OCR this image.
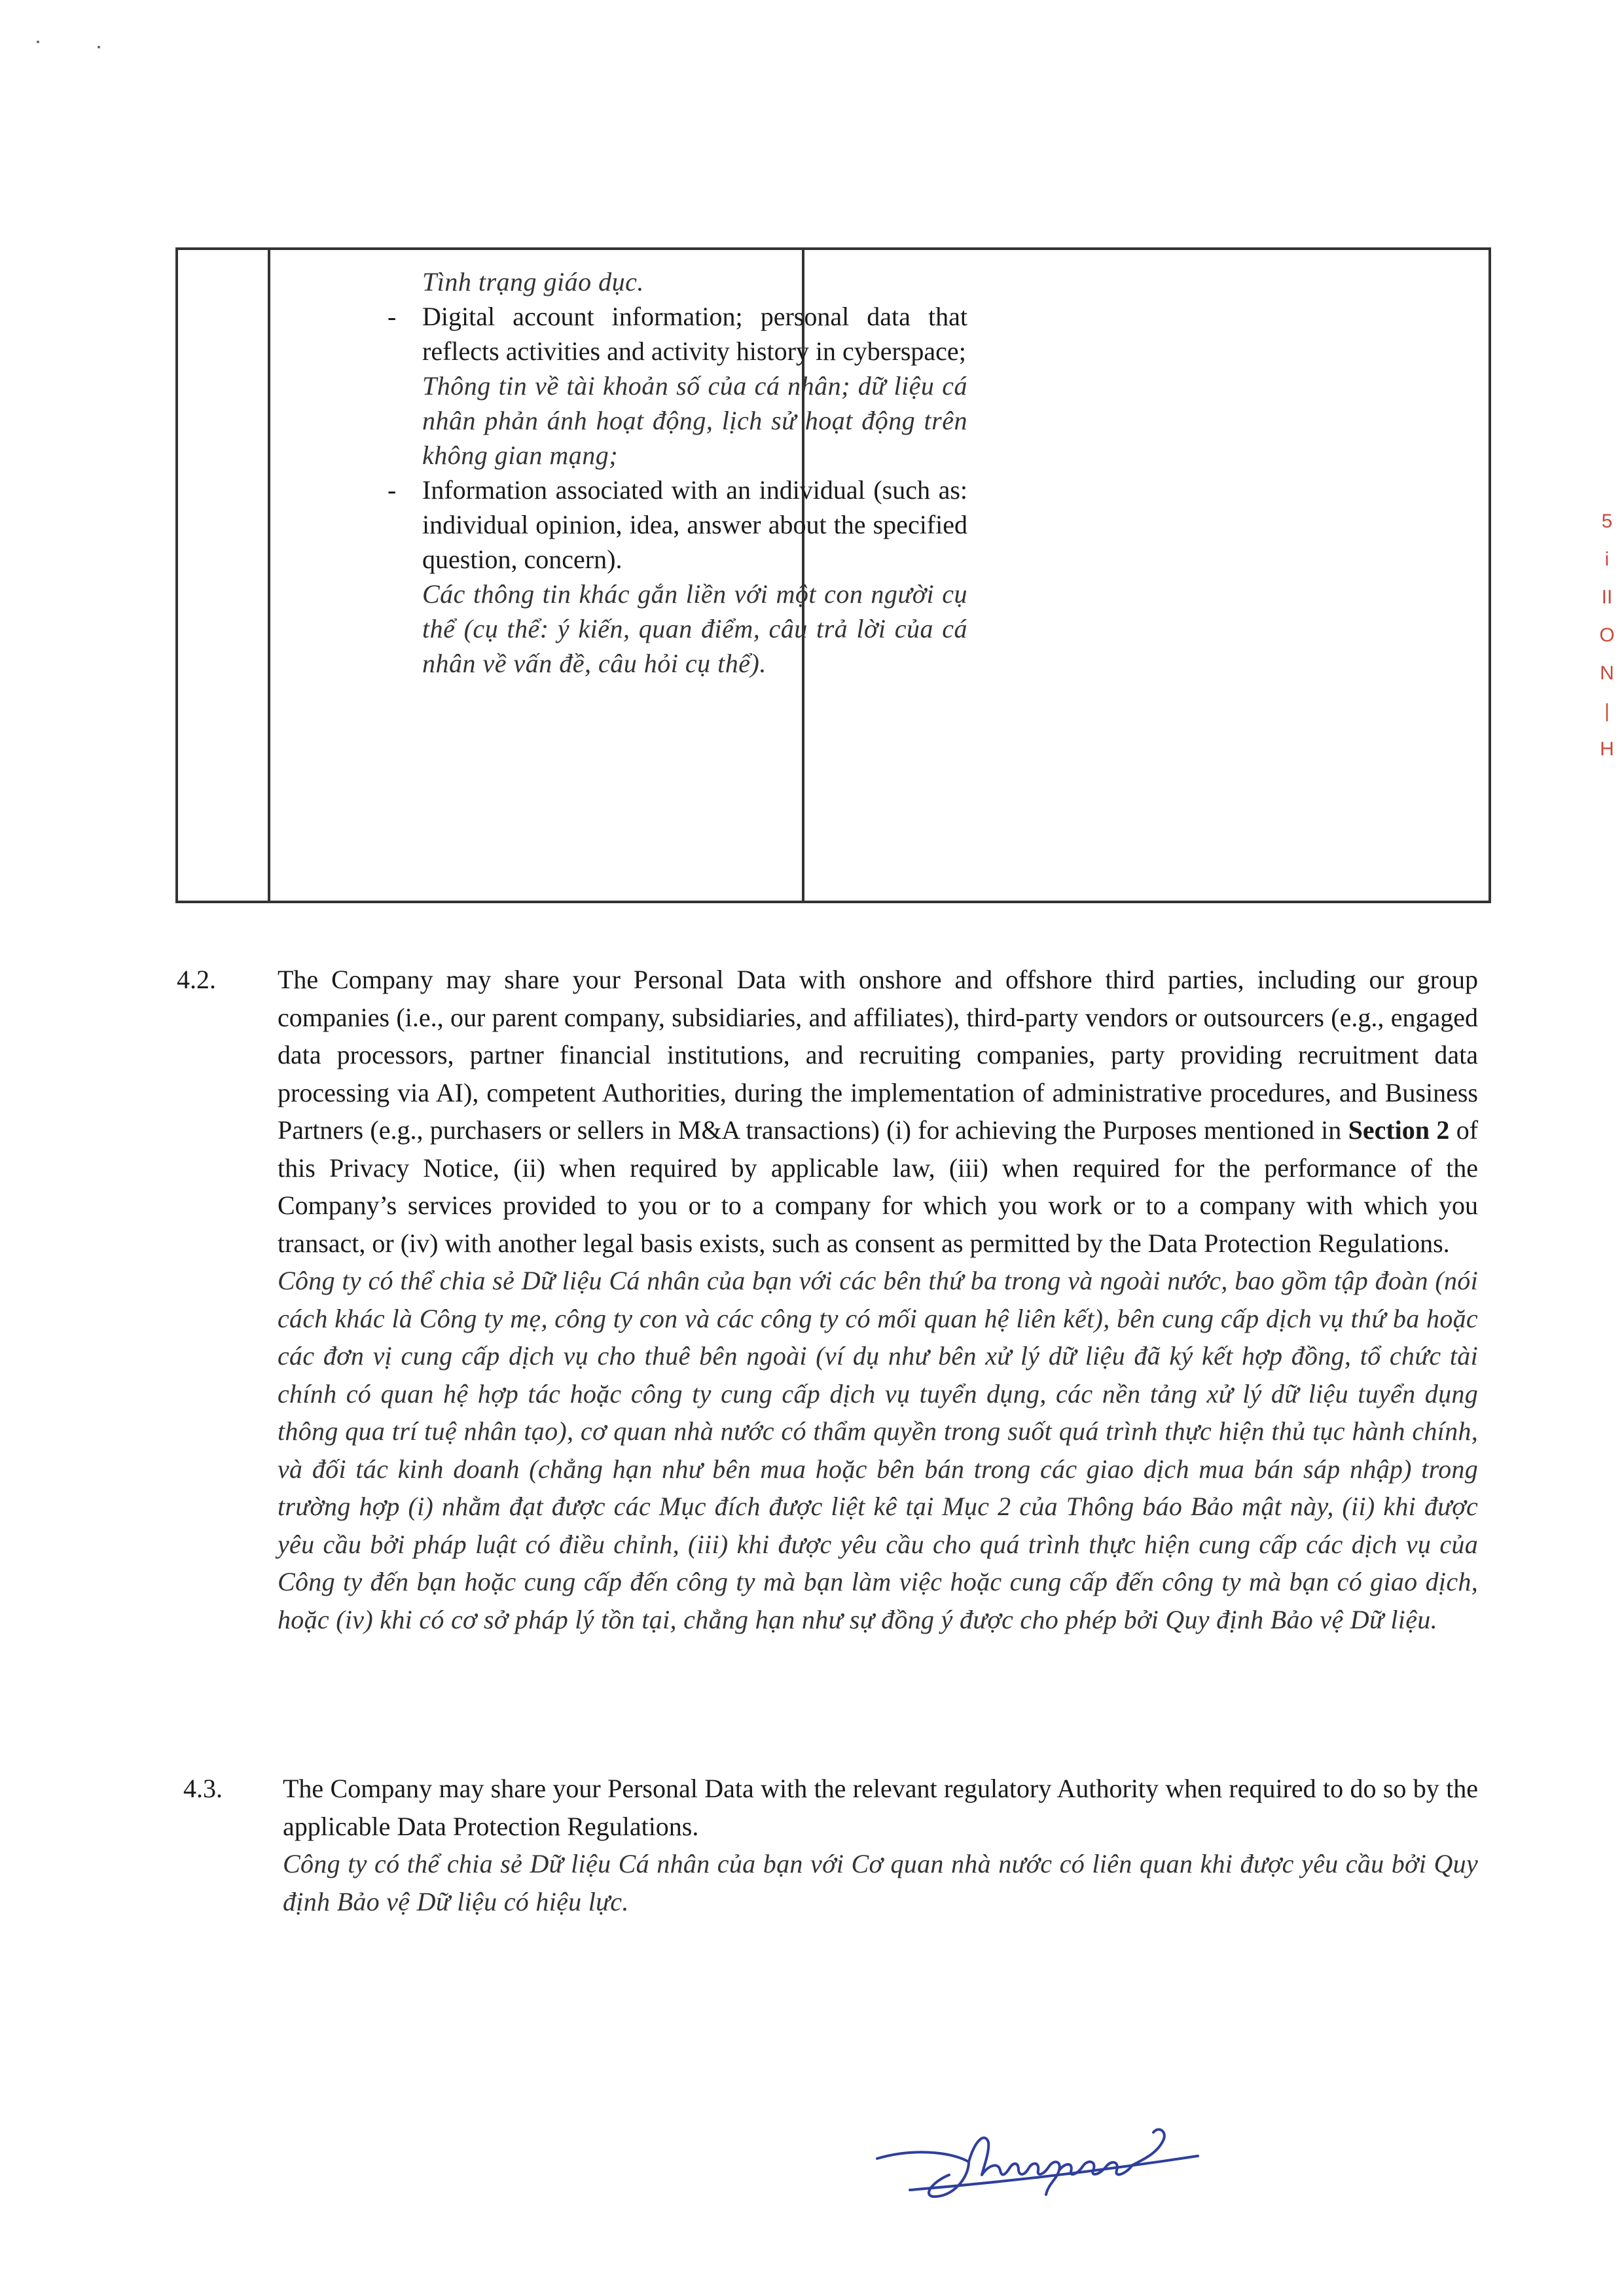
Tình trạng giáo dục.
- Digital account information; personal data that reflects activities and activity history in cyberspace;
Thông tin về tài khoản số của cá nhân; dữ liệu cá nhân phản ánh hoạt động, lịch sử hoạt động trên không gian mạng;
- Information associated with an individual (such as: individual opinion, idea, answer about the specified question, concern).
Các thông tin khác gắn liền với một con người cụ thể (cụ thể: ý kiến, quan điểm, câu trả lời của cá nhân về vấn đề, câu hỏi cụ thể).
4.2. The Company may share your Personal Data with onshore and offshore third parties, including our group companies (i.e., our parent company, subsidiaries, and affiliates), third-party vendors or outsourcers (e.g., engaged data processors, partner financial institutions, and recruiting companies, party providing recruitment data processing via AI), competent Authorities, during the implementation of administrative procedures, and Business Partners (e.g., purchasers or sellers in M&A transactions) (i) for achieving the Purposes mentioned in Section 2 of this Privacy Notice, (ii) when required by applicable law, (iii) when required for the performance of the Company’s services provided to you or to a company for which you work or to a company with which you transact, or (iv) with another legal basis exists, such as consent as permitted by the Data Protection Regulations.
Công ty có thể chia sẻ Dữ liệu Cá nhân của bạn với các bên thứ ba trong và ngoài nước, bao gồm tập đoàn (nói cách khác là Công ty mẹ, công ty con và các công ty có mối quan hệ liên kết), bên cung cấp dịch vụ thứ ba hoặc các đơn vị cung cấp dịch vụ cho thuê bên ngoài (ví dụ như bên xử lý dữ liệu đã ký kết hợp đồng, tổ chức tài chính có quan hệ hợp tác hoặc công ty cung cấp dịch vụ tuyển dụng, các nền tảng xử lý dữ liệu tuyển dụng thông qua trí tuệ nhân tạo), cơ quan nhà nước có thẩm quyền trong suốt quá trình thực hiện thủ tục hành chính, và đối tác kinh doanh (chẳng hạn như bên mua hoặc bên bán trong các giao dịch mua bán sáp nhập) trong trường hợp (i) nhằm đạt được các Mục đích được liệt kê tại Mục 2 của Thông báo Bảo mật này, (ii) khi được yêu cầu bởi pháp luật có điều chỉnh, (iii) khi được yêu cầu cho quá trình thực hiện cung cấp các dịch vụ của Công ty đến bạn hoặc cung cấp đến công ty mà bạn làm việc hoặc cung cấp đến công ty mà bạn có giao dịch, hoặc (iv) khi có cơ sở pháp lý tồn tại, chẳng hạn như sự đồng ý được cho phép bởi Quy định Bảo vệ Dữ liệu.
4.3. The Company may share your Personal Data with the relevant regulatory Authority when required to do so by the applicable Data Protection Regulations.
Công ty có thể chia sẻ Dữ liệu Cá nhân của bạn với Cơ quan nhà nước có liên quan khi được yêu cầu bởi Quy định Bảo vệ Dữ liệu có hiệu lực.
5
i
II
O
N
|
H
